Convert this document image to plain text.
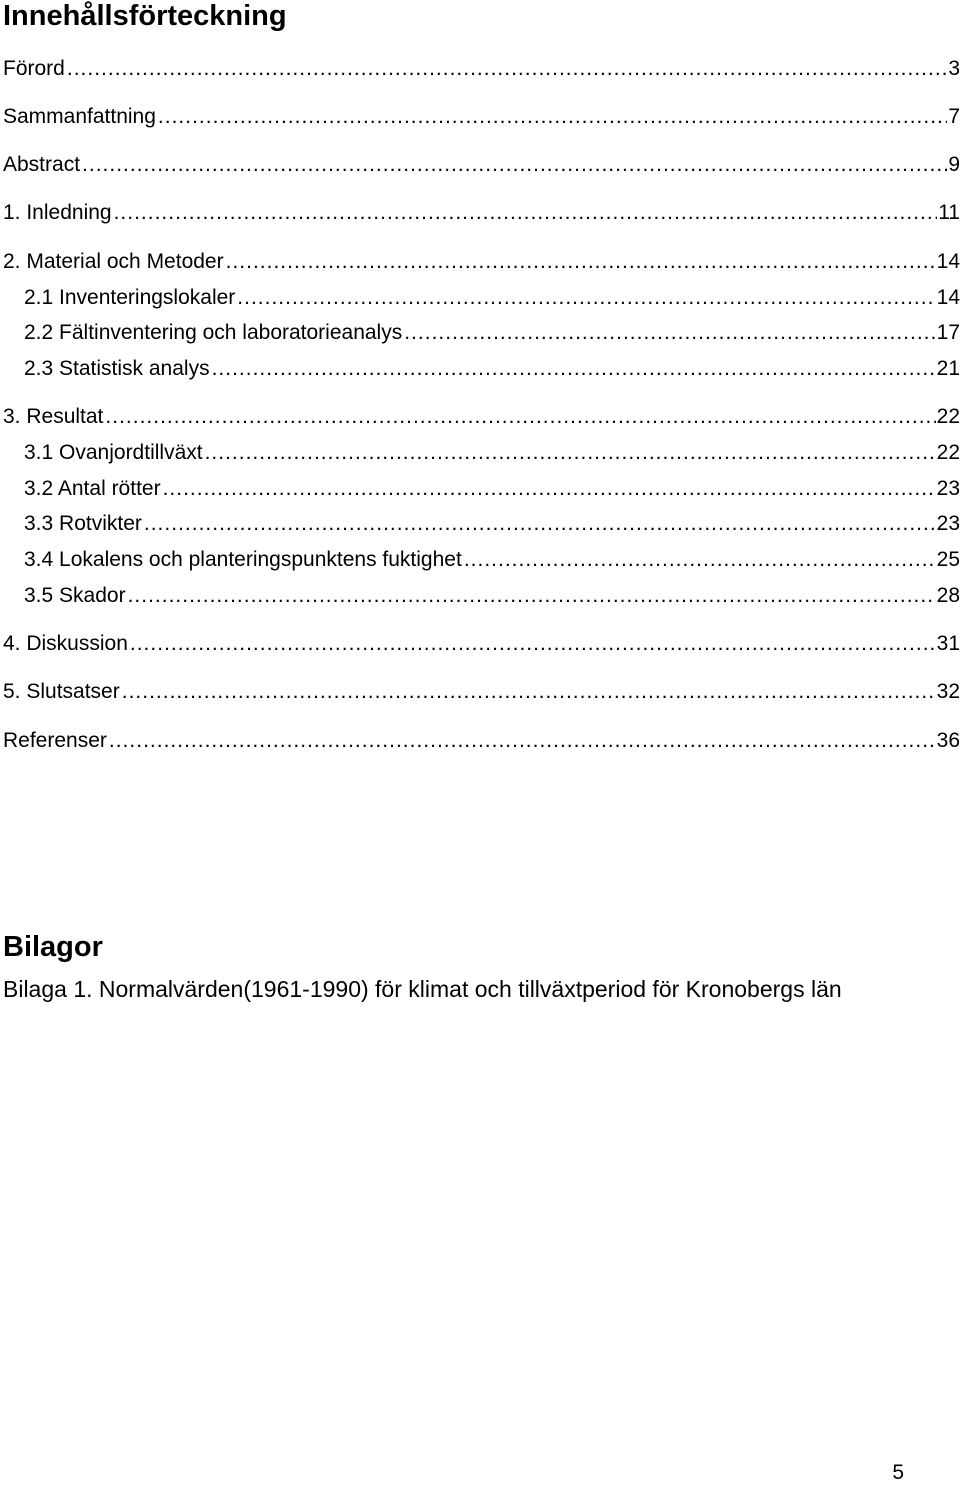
Innehållsförteckning
Förord .....	3
Sammanfattning .....	7
Abstract .....	9
1. Inledning .....	11
2. Material och Metoder .....	14
2.1 Inventeringslokaler .....	14
2.2 Fältinventering och laboratorieanalys .....	17
2.3 Statistisk analys .....	21
3. Resultat .....	22
3.1 Ovanjordtillväxt .....	22
3.2 Antal rötter .....	23
3.3 Rotvikter .....	23
3.4 Lokalens och planteringspunktens fuktighet .....	25
3.5 Skador .....	28
4. Diskussion .....	31
5. Slutsatser .....	32
Referenser .....	36
Bilagor
Bilaga 1. Normalvärden(1961-1990) för klimat och tillväxtperiod för Kronobergs län
5
